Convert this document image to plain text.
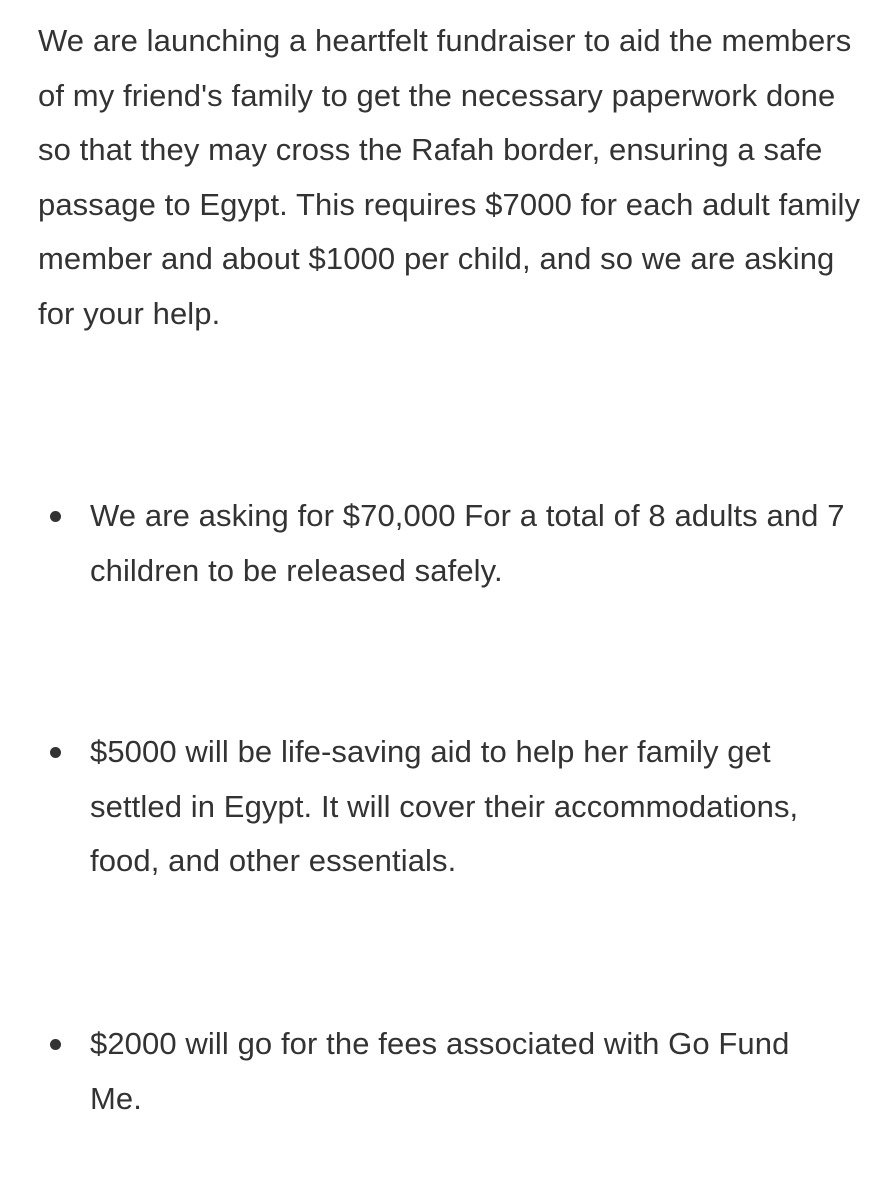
We are launching a heartfelt fundraiser to aid the members of my friend's family to get the necessary paperwork done so that they may cross the Rafah border, ensuring a safe passage to Egypt. This requires $7000 for each adult family member and about $1000 per child, and so we are asking for your help.

We are asking for $70,000 For a total of 8 adults and 7 children to be released safely.
$5000 will be life-saving aid to help her family get settled in Egypt. It will cover their accommodations, food, and other essentials.
$2000 will go for the fees associated with Go Fund Me.
